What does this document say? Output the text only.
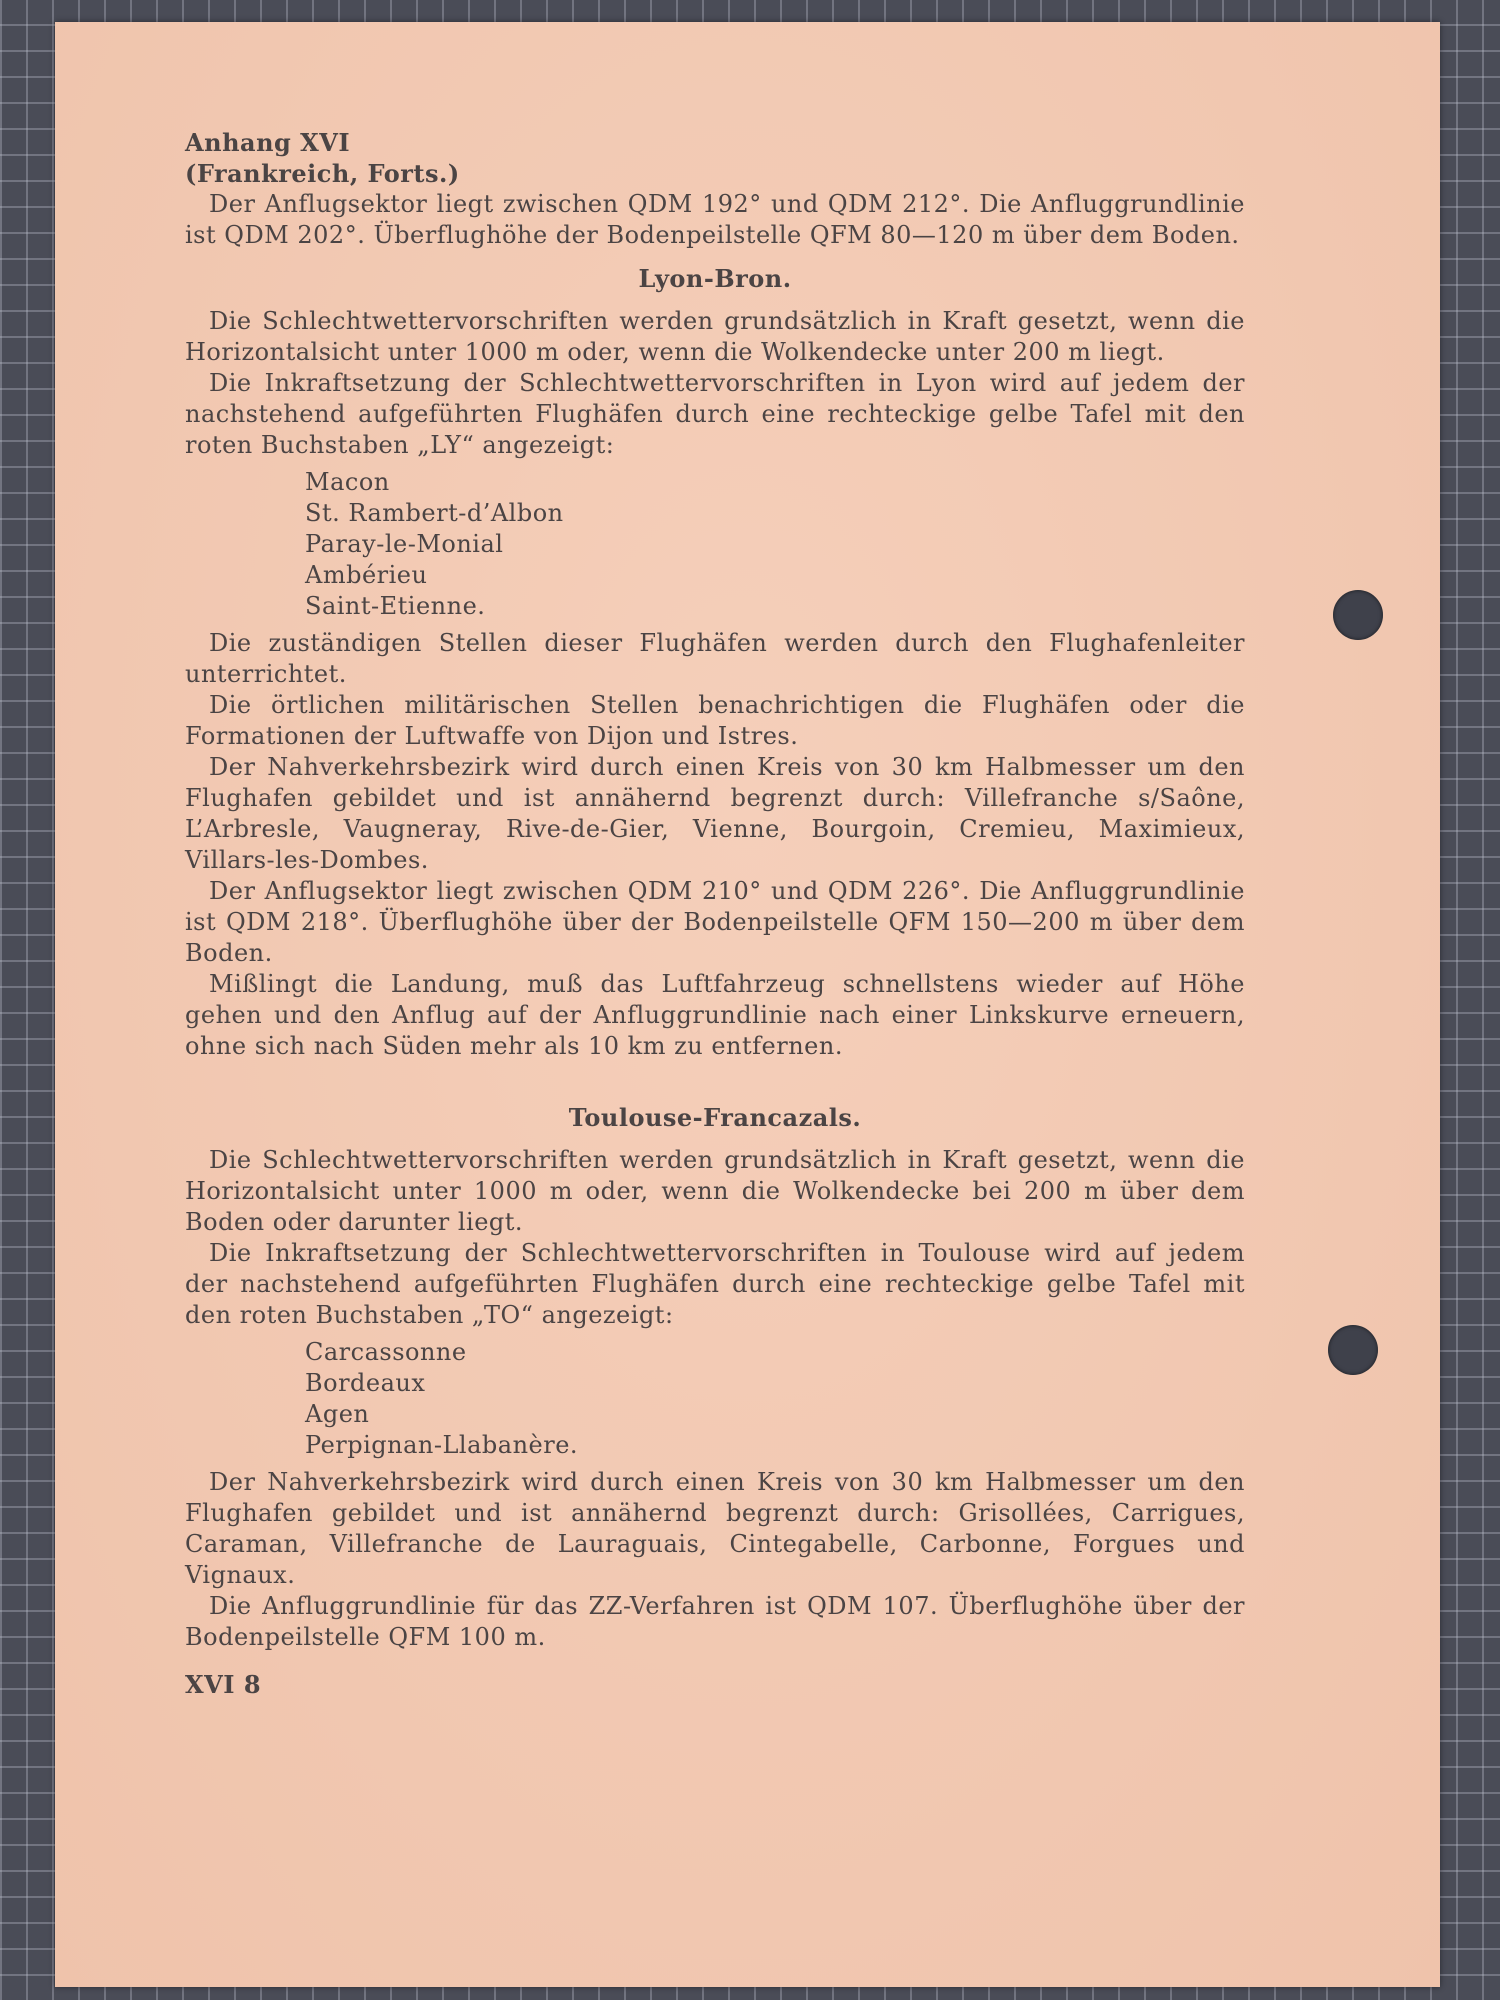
Anhang XVI

(Frankreich, Forts.)

Der Anflugsektor liegt zwischen QDM 192° und QDM 212°. Die Anfluggrundlinie ist QDM 202°. Überflughöhe der Bodenpeilstelle QFM 80—120 m über dem Boden.

Lyon-Bron.

Die Schlechtwettervorschriften werden grundsätzlich in Kraft gesetzt, wenn die Horizontalsicht unter 1000 m oder, wenn die Wolkendecke unter 200 m liegt.

Die Inkraftsetzung der Schlechtwettervorschriften in Lyon wird auf jedem der nachstehend aufgeführten Flughäfen durch eine rechteckige gelbe Tafel mit den roten Buchstaben „LY“ angezeigt:

Macon
St. Rambert-d’Albon
Paray-le-Monial
Ambérieu
Saint-Etienne.

Die zuständigen Stellen dieser Flughäfen werden durch den Flughafenleiter unterrichtet.

Die örtlichen militärischen Stellen benachrichtigen die Flughäfen oder die Formationen der Luftwaffe von Dijon und Istres.

Der Nahverkehrsbezirk wird durch einen Kreis von 30 km Halbmesser um den Flughafen gebildet und ist annähernd begrenzt durch: Villefranche s/Saône, L’Arbresle, Vaugneray, Rive-de-Gier, Vienne, Bourgoin, Cremieu, Maximieux, Villars-les-Dombes.

Der Anflugsektor liegt zwischen QDM 210° und QDM 226°. Die Anfluggrundlinie ist QDM 218°. Überflughöhe über der Bodenpeilstelle QFM 150—200 m über dem Boden.

Mißlingt die Landung, muß das Luftfahrzeug schnellstens wieder auf Höhe gehen und den Anflug auf der Anfluggrundlinie nach einer Linkskurve erneuern, ohne sich nach Süden mehr als 10 km zu entfernen.

Toulouse-Francazals.

Die Schlechtwettervorschriften werden grundsätzlich in Kraft gesetzt, wenn die Horizontalsicht unter 1000 m oder, wenn die Wolkendecke bei 200 m über dem Boden oder darunter liegt.

Die Inkraftsetzung der Schlechtwettervorschriften in Toulouse wird auf jedem der nachstehend aufgeführten Flughäfen durch eine rechteckige gelbe Tafel mit den roten Buchstaben „TO“ angezeigt:

Carcassonne
Bordeaux
Agen
Perpignan-Llabanère.

Der Nahverkehrsbezirk wird durch einen Kreis von 30 km Halbmesser um den Flughafen gebildet und ist annähernd begrenzt durch: Grisollées, Carrigues, Caraman, Villefranche de Lauraguais, Cintegabelle, Carbonne, Forgues und Vignaux.

Die Anfluggrundlinie für das ZZ-Verfahren ist QDM 107. Überflughöhe über der Bodenpeilstelle QFM 100 m.

XVI 8
